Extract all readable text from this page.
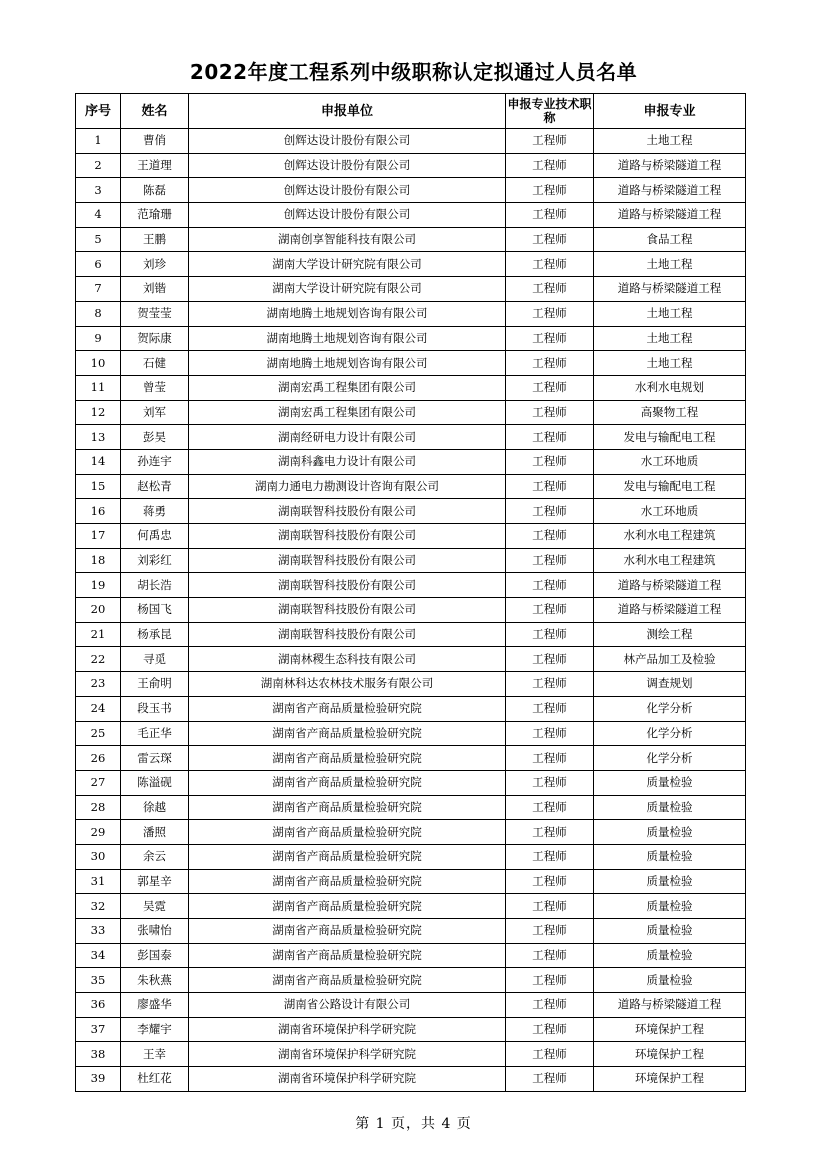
2022年度工程系列中级职称认定拟通过人员名单
序号	姓名	申报单位	申报专业技术职称	申报专业
1	曹俏	创辉达设计股份有限公司	工程师	土地工程
2	王道理	创辉达设计股份有限公司	工程师	道路与桥梁隧道工程
3	陈磊	创辉达设计股份有限公司	工程师	道路与桥梁隧道工程
4	范瑜珊	创辉达设计股份有限公司	工程师	道路与桥梁隧道工程
5	王鹏	湖南创享智能科技有限公司	工程师	食品工程
6	刘珍	湖南大学设计研究院有限公司	工程师	土地工程
7	刘锴	湖南大学设计研究院有限公司	工程师	道路与桥梁隧道工程
8	贺莹莹	湖南地腾土地规划咨询有限公司	工程师	土地工程
9	贺际康	湖南地腾土地规划咨询有限公司	工程师	土地工程
10	石健	湖南地腾土地规划咨询有限公司	工程师	土地工程
11	曾莹	湖南宏禹工程集团有限公司	工程师	水利水电规划
12	刘军	湖南宏禹工程集团有限公司	工程师	高聚物工程
13	彭昊	湖南经研电力设计有限公司	工程师	发电与输配电工程
14	孙连宇	湖南科鑫电力设计有限公司	工程师	水工环地质
15	赵松青	湖南力通电力勘测设计咨询有限公司	工程师	发电与输配电工程
16	蒋勇	湖南联智科技股份有限公司	工程师	水工环地质
17	何禹忠	湖南联智科技股份有限公司	工程师	水利水电工程建筑
18	刘彩红	湖南联智科技股份有限公司	工程师	水利水电工程建筑
19	胡长浩	湖南联智科技股份有限公司	工程师	道路与桥梁隧道工程
20	杨国飞	湖南联智科技股份有限公司	工程师	道路与桥梁隧道工程
21	杨承昆	湖南联智科技股份有限公司	工程师	测绘工程
22	寻觅	湖南林稷生态科技有限公司	工程师	林产品加工及检验
23	王俞明	湖南林科达农林技术服务有限公司	工程师	调查规划
24	段玉书	湖南省产商品质量检验研究院	工程师	化学分析
25	毛正华	湖南省产商品质量检验研究院	工程师	化学分析
26	雷云琛	湖南省产商品质量检验研究院	工程师	化学分析
27	陈溢砚	湖南省产商品质量检验研究院	工程师	质量检验
28	徐越	湖南省产商品质量检验研究院	工程师	质量检验
29	潘照	湖南省产商品质量检验研究院	工程师	质量检验
30	余云	湖南省产商品质量检验研究院	工程师	质量检验
31	郭星辛	湖南省产商品质量检验研究院	工程师	质量检验
32	吴霓	湖南省产商品质量检验研究院	工程师	质量检验
33	张啸怡	湖南省产商品质量检验研究院	工程师	质量检验
34	彭国泰	湖南省产商品质量检验研究院	工程师	质量检验
35	朱秋燕	湖南省产商品质量检验研究院	工程师	质量检验
36	廖盛华	湖南省公路设计有限公司	工程师	道路与桥梁隧道工程
37	李耀宇	湖南省环境保护科学研究院	工程师	环境保护工程
38	王幸	湖南省环境保护科学研究院	工程师	环境保护工程
39	杜红花	湖南省环境保护科学研究院	工程师	环境保护工程
第 1 页，共 4 页
